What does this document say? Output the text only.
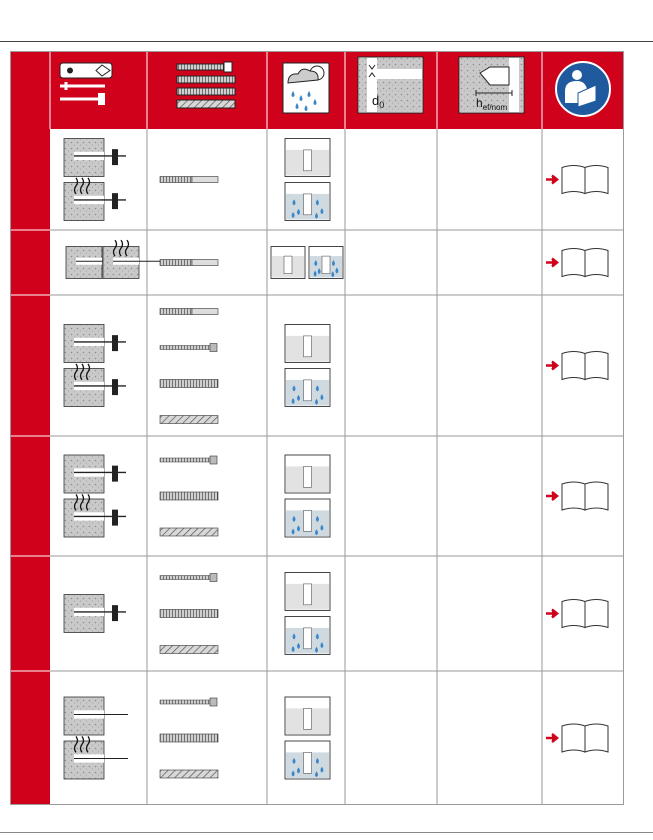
$d_0$	$h_{ef/nom}$
